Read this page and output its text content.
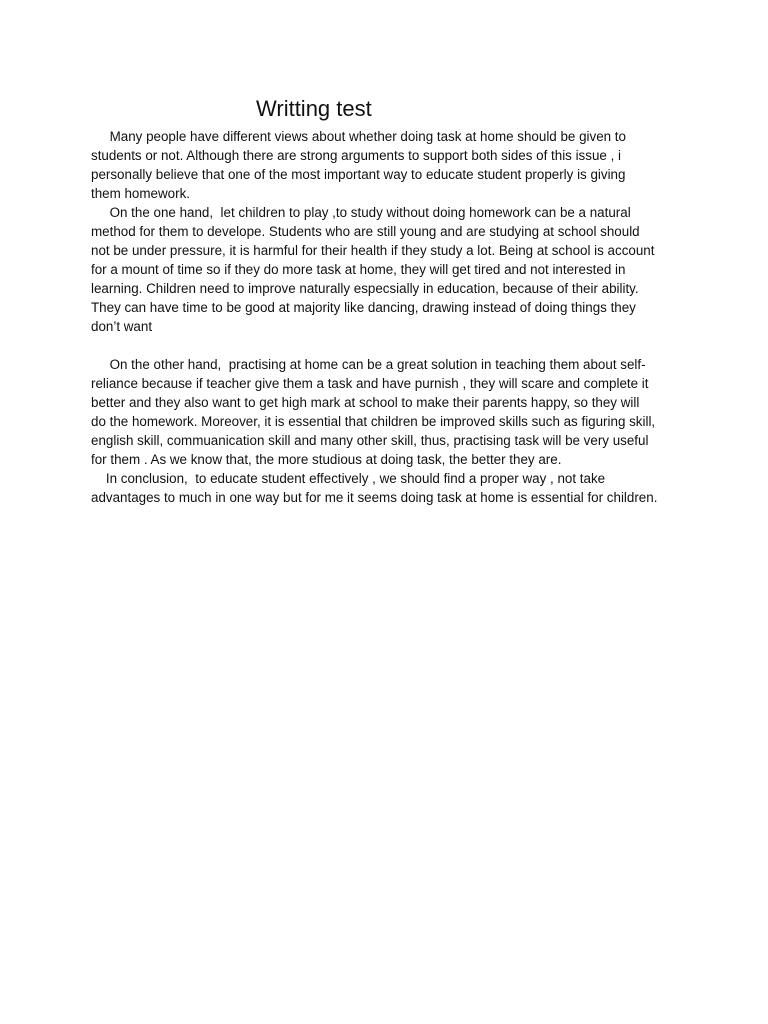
Writting test
Many people have different views about whether doing task at home should be given to
students or not. Although there are strong arguments to support both sides of this issue , i
personally believe that one of the most important way to educate student properly is giving
them homework.
On the one hand,  let children to play ,to study without doing homework can be a natural
method for them to develope. Students who are still young and are studying at school should
not be under pressure, it is harmful for their health if they study a lot. Being at school is account
for a mount of time so if they do more task at home, they will get tired and not interested in
learning. Children need to improve naturally especsially in education, because of their ability.
They can have time to be good at majority like dancing, drawing instead of doing things they
don’t want
On the other hand,  practising at home can be a great solution in teaching them about self-
reliance because if teacher give them a task and have purnish , they will scare and complete it
better and they also want to get high mark at school to make their parents happy, so they will
do the homework. Moreover, it is essential that children be improved skills such as figuring skill,
english skill, commuanication skill and many other skill, thus, practising task will be very useful
for them . As we know that, the more studious at doing task, the better they are.
In conclusion,  to educate student effectively , we should find a proper way , not take
advantages to much in one way but for me it seems doing task at home is essential for children.
